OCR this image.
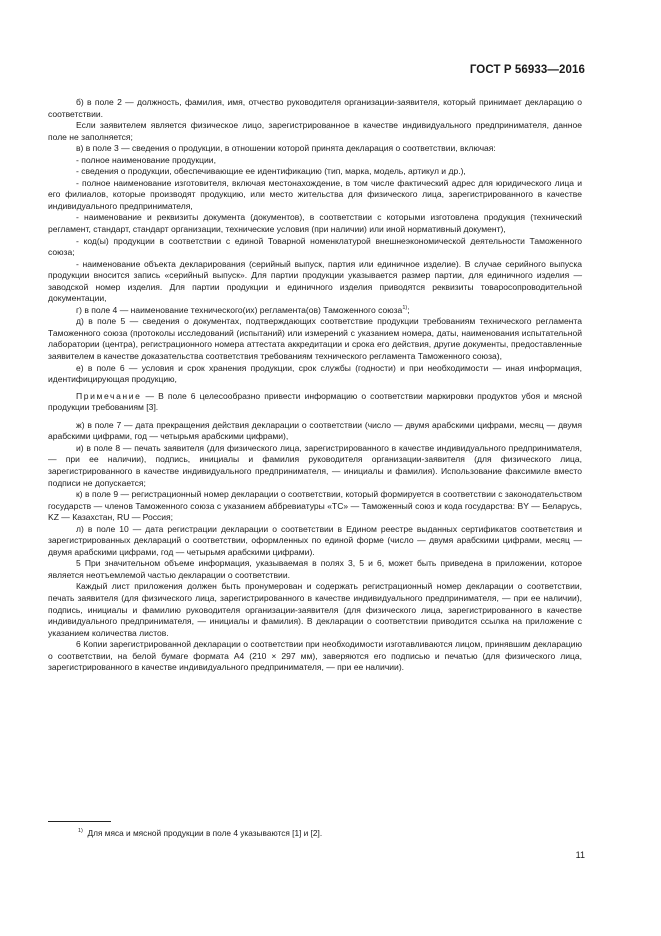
ГОСТ Р 56933—2016

б) в поле 2 — должность, фамилия, имя, отчество руководителя организации-заявителя, который принимает декларацию о соответствии.

Если заявителем является физическое лицо, зарегистрированное в качестве индивидуального предпринимателя, данное поле не заполняется;

в) в поле 3 — сведения о продукции, в отношении которой принята декларация о соответствии, включая:

- полное наименование продукции,

- сведения о продукции, обеспечивающие ее идентификацию (тип, марка, модель, артикул и др.),

- полное наименование изготовителя, включая местонахождение, в том числе фактический адрес для юридического лица и его филиалов, которые производят продукцию, или место жительства для физического лица, зарегистрированного в качестве индивидуального предпринимателя,

- наименование и реквизиты документа (документов), в соответствии с которыми изготовлена продукция (технический регламент, стандарт, стандарт организации, технические условия (при наличии) или иной нормативный документ),

- код(ы) продукции в соответствии с единой Товарной номенклатурой внешнеэкономической деятельности Таможенного союза;

- наименование объекта декларирования (серийный выпуск, партия или единичное изделие). В случае серийного выпуска продукции вносится запись «серийный выпуск». Для партии продукции указывается размер партии, для единичного изделия — заводской номер изделия. Для партии продукции и единичного изделия приводятся реквизиты товаросопроводительной документации,

г) в поле 4 — наименование технического(их) регламента(ов) Таможенного союза$^{1)}$;

д) в поле 5 — сведения о документах, подтверждающих соответствие продукции требованиям технического регламента Таможенного союза (протоколы исследований (испытаний) или измерений с указанием номера, даты, наименования испытательной лаборатории (центра), регистрационного номера аттестата аккредитации и срока его действия, другие документы, предоставленные заявителем в качестве доказательства соответствия требованиям технического регламента Таможенного союза),

е) в поле 6 — условия и срок хранения продукции, срок службы (годности) и при необходимости — иная информация, идентифицирующая продукцию,

Примечание — В поле 6 целесообразно привести информацию о соответствии маркировки продуктов убоя и мясной продукции требованиям [3].

ж) в поле 7 — дата прекращения действия декларации о соответствии (число — двумя арабскими цифрами, месяц — двумя арабскими цифрами, год — четырьмя арабскими цифрами),

и) в поле 8 — печать заявителя (для физического лица, зарегистрированного в качестве индивидуального предпринимателя, — при ее наличии), подпись, инициалы и фамилия руководителя организации-заявителя (для физического лица, зарегистрированного в качестве индивидуального предпринимателя, — инициалы и фамилия). Использование факсимиле вместо подписи не допускается;

к) в поле 9 — регистрационный номер декларации о соответствии, который формируется в соответствии с законодательством государств — членов Таможенного союза с указанием аббревиатуры «ТС» — Таможенный союз и кода государства: BY — Беларусь, KZ — Казахстан, RU — Россия;

л) в поле 10 — дата регистрации декларации о соответствии в Едином реестре выданных сертификатов соответствия и зарегистрированных деклараций о соответствии, оформленных по единой форме (число — двумя арабскими цифрами, месяц — двумя арабскими цифрами, год — четырьмя арабскими цифрами).

5 При значительном объеме информация, указываемая в полях 3, 5 и 6, может быть приведена в приложении, которое является неотъемлемой частью декларации о соответствии.

Каждый лист приложения должен быть пронумерован и содержать регистрационный номер декларации о соответствии, печать заявителя (для физического лица, зарегистрированного в качестве индивидуального предпринимателя, — при ее наличии), подпись, инициалы и фамилию руководителя организации-заявителя (для физического лица, зарегистрированного в качестве индивидуального предпринимателя, — инициалы и фамилия). В декларации о соответствии приводится ссылка на приложение с указанием количества листов.

6 Копии зарегистрированной декларации о соответствии при необходимости изготавливаются лицом, принявшим декларацию о соответствии, на белой бумаге формата А4 (210 × 297 мм), заверяются его подписью и печатью (для физического лица, зарегистрированного в качестве индивидуального предпринимателя, — при ее наличии).

$^{1)}$ Для мяса и мясной продукции в поле 4 указываются [1] и [2].
11
